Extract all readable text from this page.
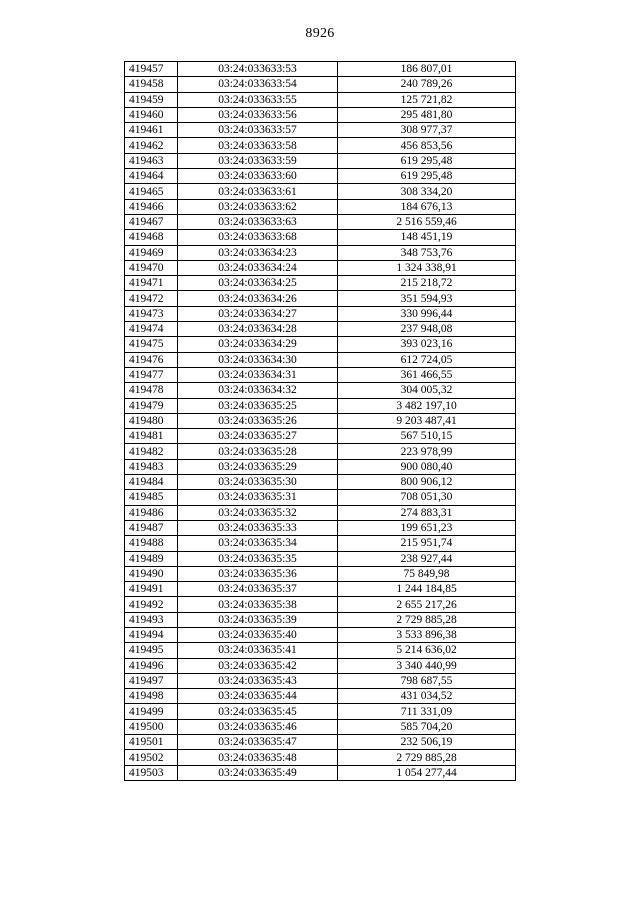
8926
419457	03:24:033633:53	186 807,01
419458	03:24:033633:54	240 789,26
419459	03:24:033633:55	125 721,82
419460	03:24:033633:56	295 481,80
419461	03:24:033633:57	308 977,37
419462	03:24:033633:58	456 853,56
419463	03:24:033633:59	619 295,48
419464	03:24:033633:60	619 295,48
419465	03:24:033633:61	308 334,20
419466	03:24:033633:62	184 676,13
419467	03:24:033633:63	2 516 559,46
419468	03:24:033633:68	148 451,19
419469	03:24:033634:23	348 753,76
419470	03:24:033634:24	1 324 338,91
419471	03:24:033634:25	215 218,72
419472	03:24:033634:26	351 594,93
419473	03:24:033634:27	330 996,44
419474	03:24:033634:28	237 948,08
419475	03:24:033634:29	393 023,16
419476	03:24:033634:30	612 724,05
419477	03:24:033634:31	361 466,55
419478	03:24:033634:32	304 005,32
419479	03:24:033635:25	3 482 197,10
419480	03:24:033635:26	9 203 487,41
419481	03:24:033635:27	567 510,15
419482	03:24:033635:28	223 978,99
419483	03:24:033635:29	900 080,40
419484	03:24:033635:30	800 906,12
419485	03:24:033635:31	708 051,30
419486	03:24:033635:32	274 883,31
419487	03:24:033635:33	199 651,23
419488	03:24:033635:34	215 951,74
419489	03:24:033635:35	238 927,44
419490	03:24:033635:36	75 849,98
419491	03:24:033635:37	1 244 184,85
419492	03:24:033635:38	2 655 217,26
419493	03:24:033635:39	2 729 885,28
419494	03:24:033635:40	3 533 896,38
419495	03:24:033635:41	5 214 636,02
419496	03:24:033635:42	3 340 440,99
419497	03:24:033635:43	798 687,55
419498	03:24:033635:44	431 034,52
419499	03:24:033635:45	711 331,09
419500	03:24:033635:46	585 704,20
419501	03:24:033635:47	232 506,19
419502	03:24:033635:48	2 729 885,28
419503	03:24:033635:49	1 054 277,44
